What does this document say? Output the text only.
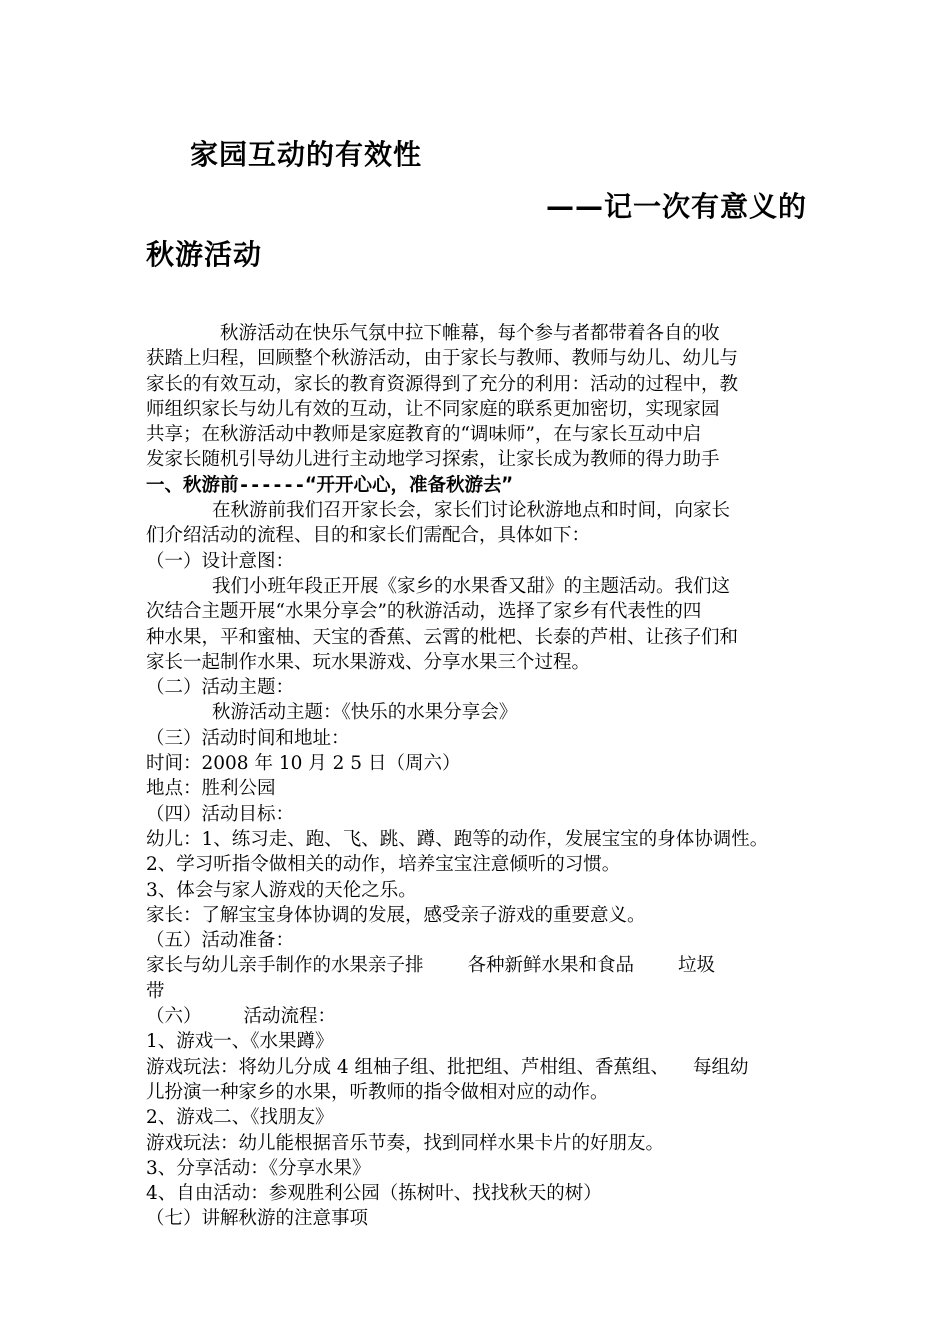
家园互动的有效性
——记一次有意义的
秋游活动
秋游活动在快乐气氛中拉下帷幕，每个参与者都带着各自的收
获踏上归程，回顾整个秋游活动，由于家长与教师、教师与幼儿、幼儿与
家长的有效互动，家长的教育资源得到了充分的利用：活动的过程中，教
师组织家长与幼儿有效的互动，让不同家庭的联系更加密切，实现家园
共享；在秋游活动中教师是家庭教育的“调味师”，在与家长互动中启
发家长随机引导幼儿进行主动地学习探索，让家长成为教师的得力助手
一、秋游前------“开开心心，准备秋游去”
在秋游前我们召开家长会，家长们讨论秋游地点和时间，向家长
们介绍活动的流程、目的和家长们需配合，具体如下：
（一）设计意图：
我们小班年段正开展《家乡的水果香又甜》的主题活动。我们这
次结合主题开展“水果分享会”的秋游活动，选择了家乡有代表性的四
种水果，平和蜜柚、天宝的香蕉、云霄的枇杷、长泰的芦柑、让孩子们和
家长一起制作水果、玩水果游戏、分享水果三个过程。
（二）活动主题：
秋游活动主题：《快乐的水果分享会》
（三）活动时间和地址：
时间：2008 年 10 月 2 5 日（周六）
地点：胜利公园
（四）活动目标：
幼儿：1、练习走、跑、飞、跳、蹲、跑等的动作，发展宝宝的身体协调性。
2、学习听指令做相关的动作，培养宝宝注意倾听的习惯。
3、体会与家人游戏的天伦之乐。
家长：了解宝宝身体协调的发展，感受亲子游戏的重要意义。
（五）活动准备：
家长与幼儿亲手制作的水果亲子排 各种新鲜水果和食品 垃圾
带
（六） 活动流程：
1、游戏一、《水果蹲》
游戏玩法：将幼儿分成 4 组柚子组、批把组、芦柑组、香蕉组、 每组幼
儿扮演一种家乡的水果，听教师的指令做相对应的动作。
2、游戏二、《找朋友》
游戏玩法：幼儿能根据音乐节奏，找到同样水果卡片的好朋友。
3、分享活动：《分享水果》
4、自由活动：参观胜利公园（拣树叶、找找秋天的树）
（七）讲解秋游的注意事项
